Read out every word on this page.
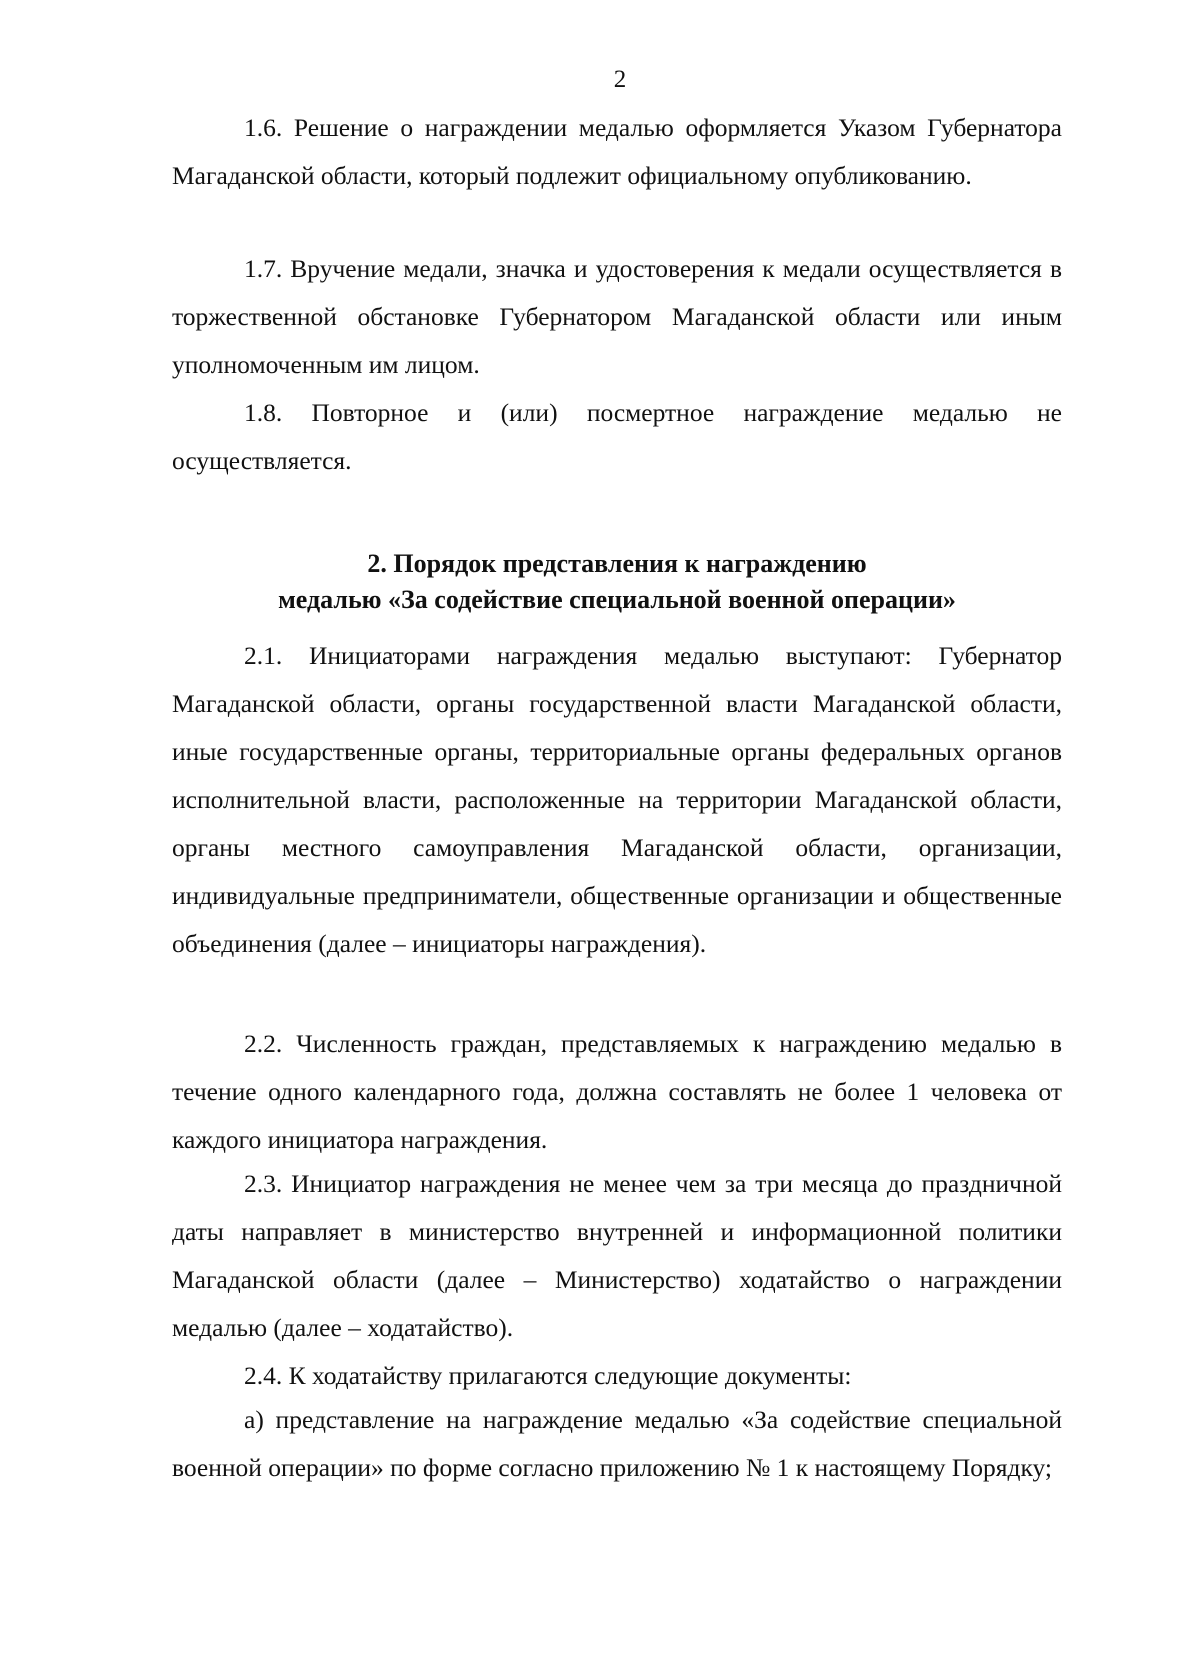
2

1.6. Решение о награждении медалью оформляется Указом Губернатора Магаданской области, который подлежит официальному опубликованию.

1.7. Вручение медали, значка и удостоверения к медали осуществляется в торжественной обстановке Губернатором Магаданской области или иным уполномоченным им лицом.

1.8. Повторное и (или) посмертное награждение медалью не осуществляется.

2. Порядок представления к награждению
медалью «За содействие специальной военной операции»

2.1. Инициаторами награждения медалью выступают: Губернатор Магаданской области, органы государственной власти Магаданской области, иные государственные органы, территориальные органы федеральных органов исполнительной власти, расположенные на территории Магаданской области, органы местного самоуправления Магаданской области, организации, индивидуальные предприниматели, общественные организации и общественные объединения (далее – инициаторы награждения).

2.2. Численность граждан, представляемых к награждению медалью в течение одного календарного года, должна составлять не более 1 человека от каждого инициатора награждения.

2.3. Инициатор награждения не менее чем за три месяца до праздничной даты направляет в министерство внутренней и информационной политики Магаданской области (далее – Министерство) ходатайство о награждении медалью (далее – ходатайство).

2.4. К ходатайству прилагаются следующие документы:

а) представление на награждение медалью «За содействие специальной военной операции» по форме согласно приложению № 1 к настоящему Порядку;
